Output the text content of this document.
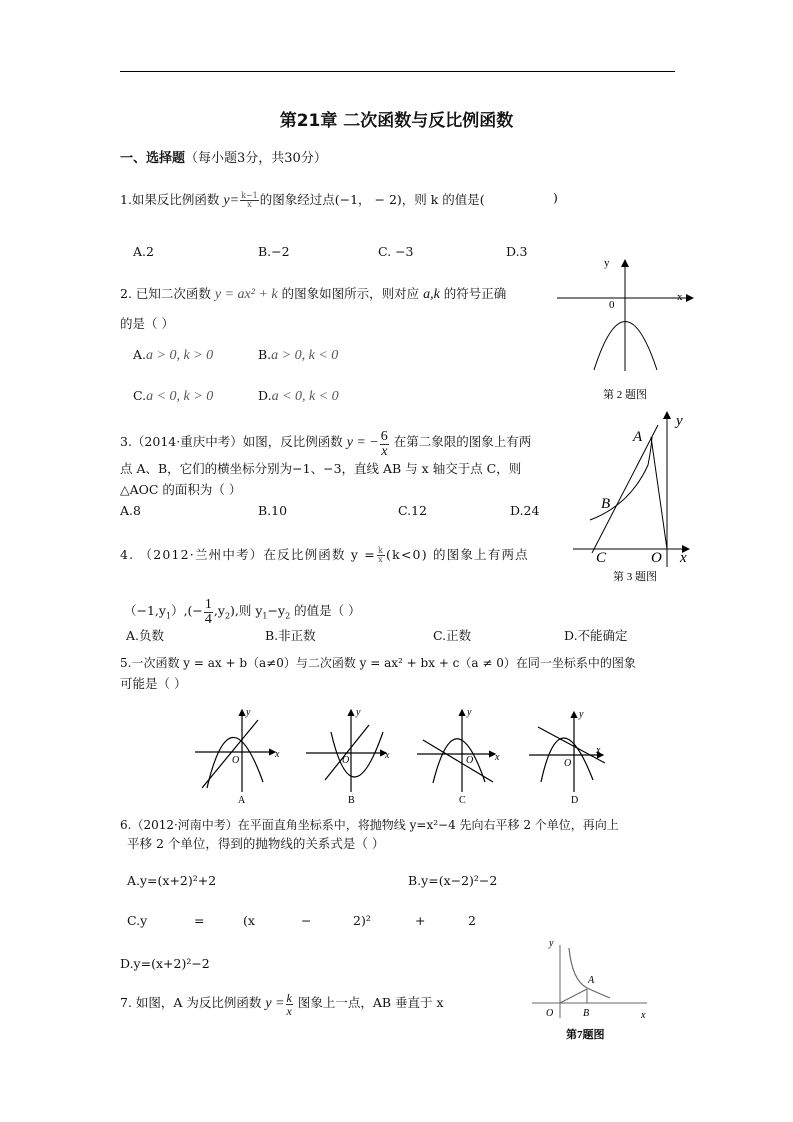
第21章 二次函数与反比例函数
一、选择题（每小题3分，共30分）
1.如果反比例函数 $y= \frac{k-1}{x}$ 的图象经过点(−1， − 2)，则 k 的值是(	)
A.2	B.−2	C. −3	D.3
2. 已知二次函数 y = ax² + k 的图象如图所示，则对应 a,k 的符号正确
的是（ ）
A.a > 0, k > 0	B.a > 0, k < 0
C.a < 0, k > 0	D.a < 0, k < 0
y
x
0
第 2 题图
3.（2014·重庆中考）如图，反比例函数 y = − $\frac{6}{x}$ 在第二象限的图象上有两
点 A、B，它们的横坐标分别为−1、−3，直线 AB 与 x 轴交于点 C，则
△AOC 的面积为（ ）
A.8	B.10	C.12	D.24
A
B
C	O x
y
第 3 题图
4. （2012·兰州中考）在反比例函数 $y = \frac{k}{x} (k<0)$ 的图象上有两点
$(-1,y_1),(- \frac{1}{4} ,y_2)$,则 $y_1-y_2$ 的值是（ ）
A.负数	B.非正数	C.正数	D.不能确定
5.一次函数 y = ax + b（a≠0）与二次函数 y = ax² + bx + c（a ≠ 0）在同一坐标系中的图象
可能是（ ）
y
x
O
A
y
x
O
B
y
x
O
C
y
x
O
D
6.（2012·河南中考）在平面直角坐标系中，将抛物线 y=x²−4 先向右平移 2 个单位，再向上
平移 2 个单位，得到的抛物线的关系式是（ ）
A.y=(x+2)²+2	B.y=(x−2)²−2
C.y	=	(x	−	2)²	+	2
D.y=(x+2)²−2
7. 如图，A 为反比例函数 $y = \frac{k}{x}$ 图象上一点，AB 垂直于 x
y
A
O	B	x
第7题图
